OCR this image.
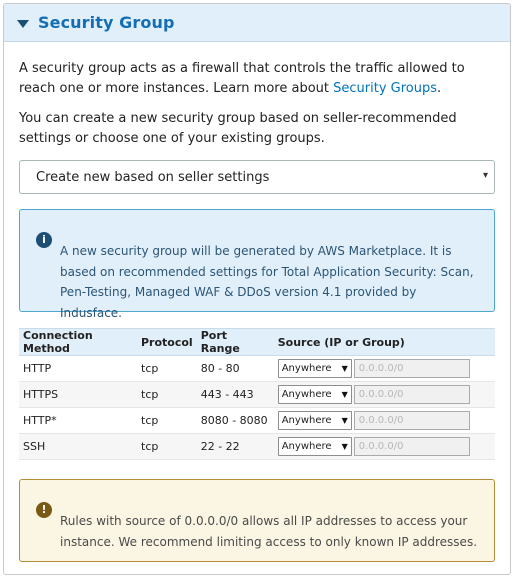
Security Group

A security group acts as a firewall that controls the traffic allowed to reach one or more instances. Learn more about Security Groups.

You can create a new security group based on seller-recommended settings or choose one of your existing groups.

Create new based on seller settings	▾
i
A new security group will be generated by AWS Marketplace. It is based on recommended settings for Total Application Security: Scan, Pen-Testing, Managed WAF & DDoS version 4.1 provided by Indusface.
Connection Method	Protocol	Port Range	Source (IP or Group)
HTTP	tcp	80 - 80	Anywhere ▼ 0.0.0.0/0
HTTPS	tcp	443 - 443	Anywhere ▼ 0.0.0.0/0
HTTP*	tcp	8080 - 8080	Anywhere ▼ 0.0.0.0/0
SSH	tcp	22 - 22	Anywhere ▼ 0.0.0.0/0
!
Rules with source of 0.0.0.0/0 allows all IP addresses to access your instance. We recommend limiting access to only known IP addresses.
